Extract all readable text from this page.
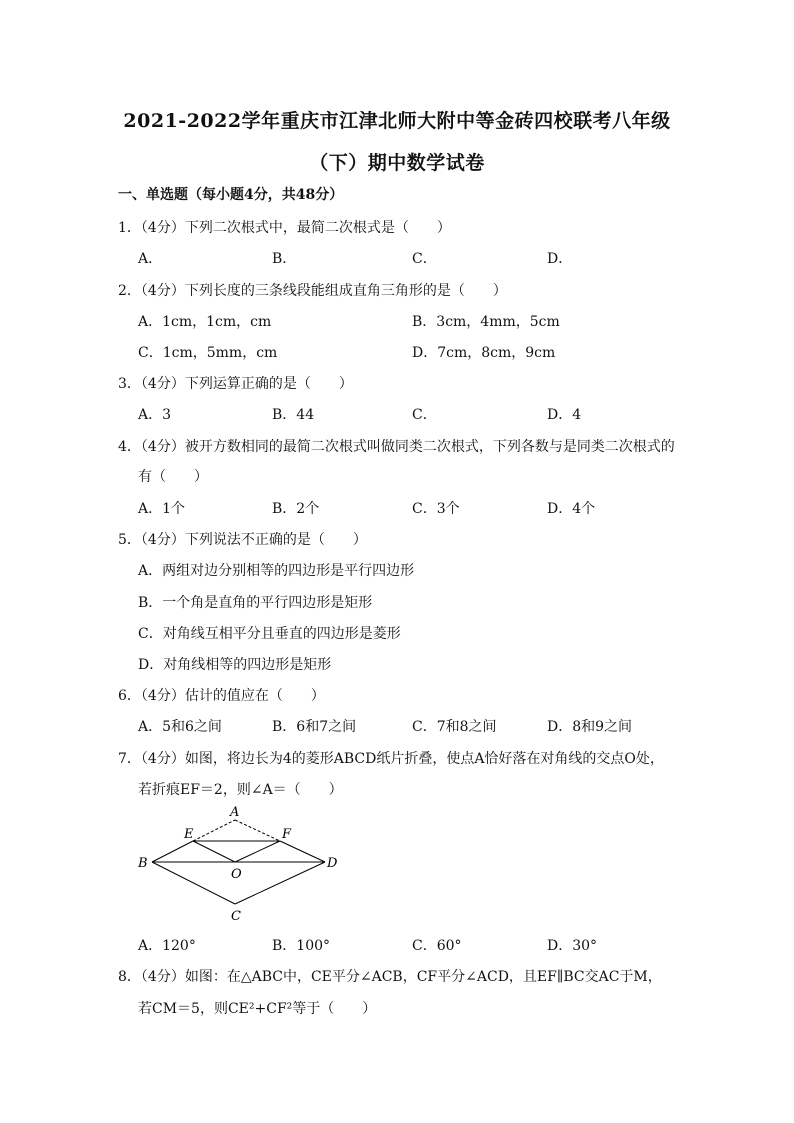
2021-2022学年重庆市江津北师大附中等金砖四校联考八年级
（下）期中数学试卷
一、单选题（每小题4分，共48分）
1．（4分）下列二次根式中，最简二次根式是（　　）
A．	B．	C．	D．
2．（4分）下列长度的三条线段能组成直角三角形的是（　　）
A．1cm，1cm，cm	B．3cm，4mm，5cm
C．1cm，5mm，cm	D．7cm，8cm，9cm
3．（4分）下列运算正确的是（　　）
A．3	B．44	C．	D．4
4．（4分）被开方数相同的最简二次根式叫做同类二次根式，下列各数与是同类二次根式的
有（　　）
A．1个	B．2个	C．3个	D．4个
5．（4分）下列说法不正确的是（　　）
A．两组对边分别相等的四边形是平行四边形
B．一个角是直角的平行四边形是矩形
C．对角线互相平分且垂直的四边形是菱形
D．对角线相等的四边形是矩形
6．（4分）估计的值应在（　　）
A．5和6之间	B．6和7之间	C．7和8之间	D．8和9之间
7．（4分）如图，将边长为4的菱形ABCD纸片折叠，使点A恰好落在对角线的交点O处，
若折痕EF＝2，则∠A＝（　　）
A
E	F
B	D
O
C
A．120°	B．100°	C．60°	D．30°
8．（4分）如图：在△ABC中，CE平分∠ACB，CF平分∠ACD，且EF∥BC交AC于M，
若CM＝5，则CE²+CF²等于（　　）
